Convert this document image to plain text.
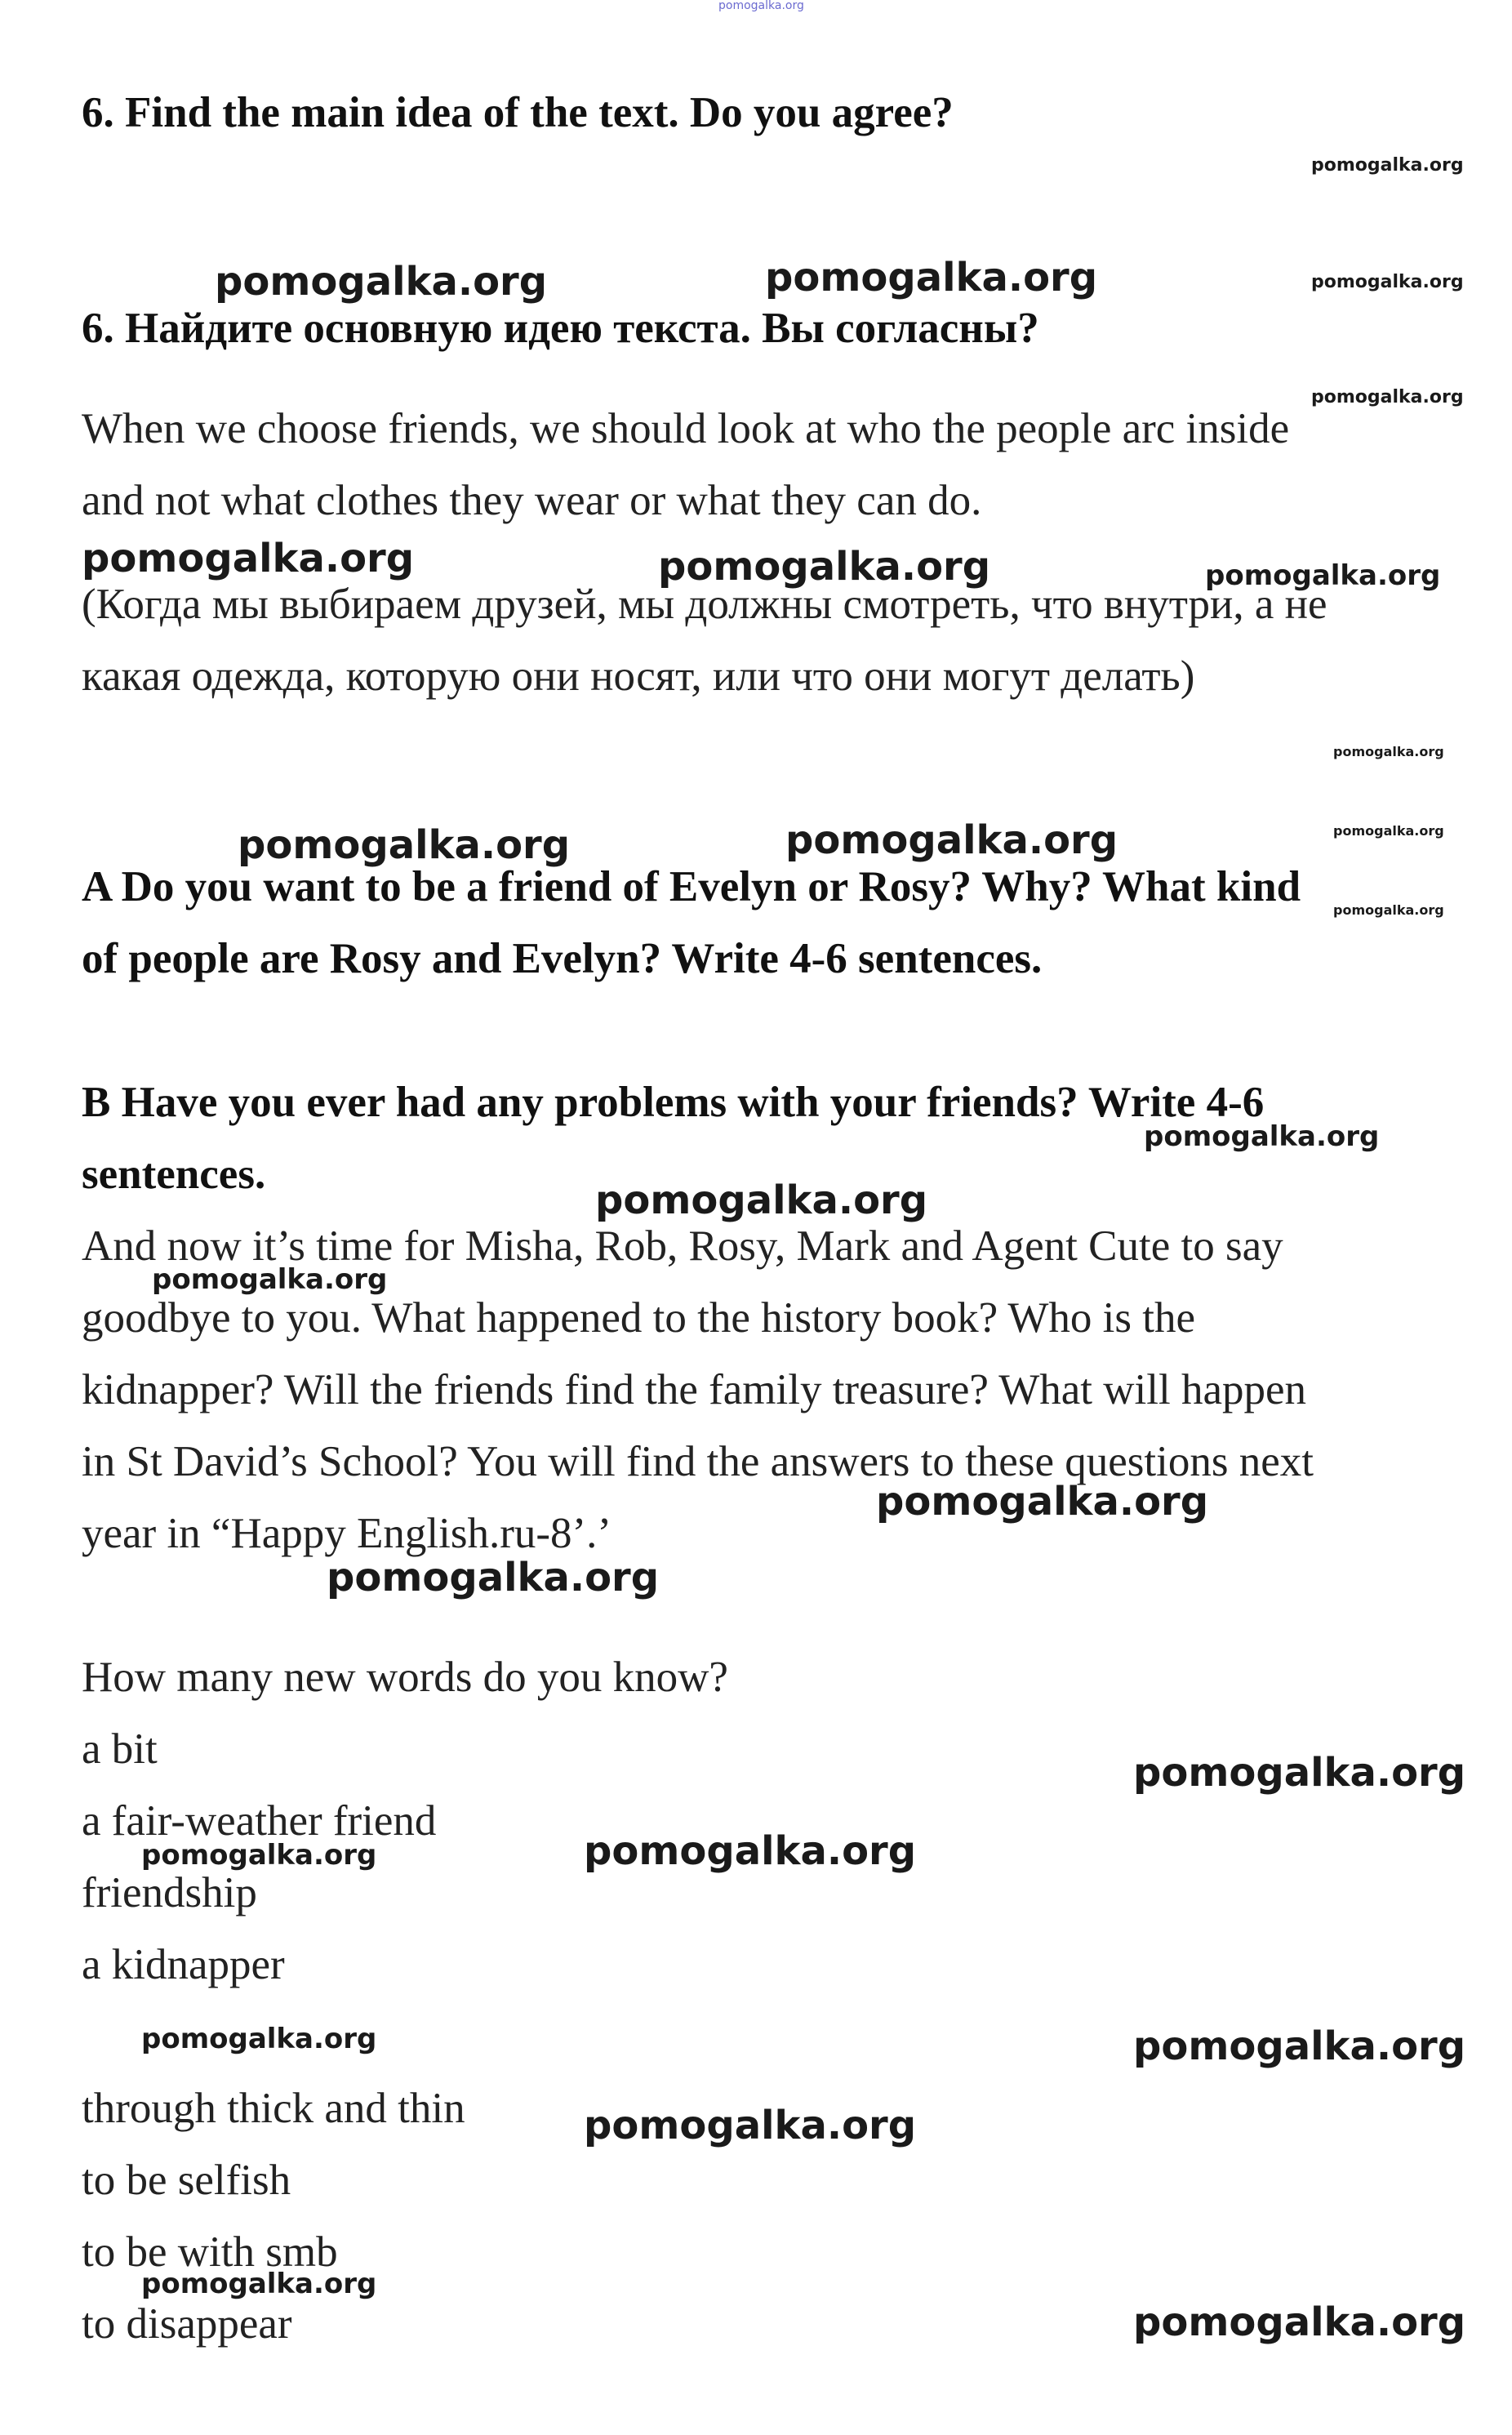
pomogalka.org

6. Find the main idea of the text. Do you agree?

6. Найдите основную идею текста. Вы согласны?

When we choose friends, we should look at who the people arc inside

and not what clothes they wear or what they can do.

(Когда мы выбираем друзей, мы должны смотреть, что внутри, а не

какая одежда, которую они носят, или что они могут делать)

A Do you want to be a friend of Evelyn or Rosy? Why? What kind

of people are Rosy and Evelyn? Write 4-6 sentences.

B Have you ever had any problems with your friends? Write 4-6

sentences.

And now it’s time for Misha, Rob, Rosy, Mark and Agent Cute to say

goodbye to you. What happened to the history book? Who is the

kidnapper? Will the friends find the family treasure? What will happen

in St David’s School? You will find the answers to these questions next

year in “Happy English.ru-8’.’

How many new words do you know?

a bit

a fair-weather friend

friendship

a kidnapper

through thick and thin

to be selfish

to be with smb

to disappear

pomogalka.org
pomogalka.org	pomogalka.org	pomogalka.org
pomogalka.org
pomogalka.org	pomogalka.org	pomogalka.org
pomogalka.org
pomogalka.org	pomogalka.org	pomogalka.org
pomogalka.org
pomogalka.org
pomogalka.org
pomogalka.org
pomogalka.org
pomogalka.org
pomogalka.org
pomogalka.org	pomogalka.org
pomogalka.org	pomogalka.org
pomogalka.org
pomogalka.org
pomogalka.org
